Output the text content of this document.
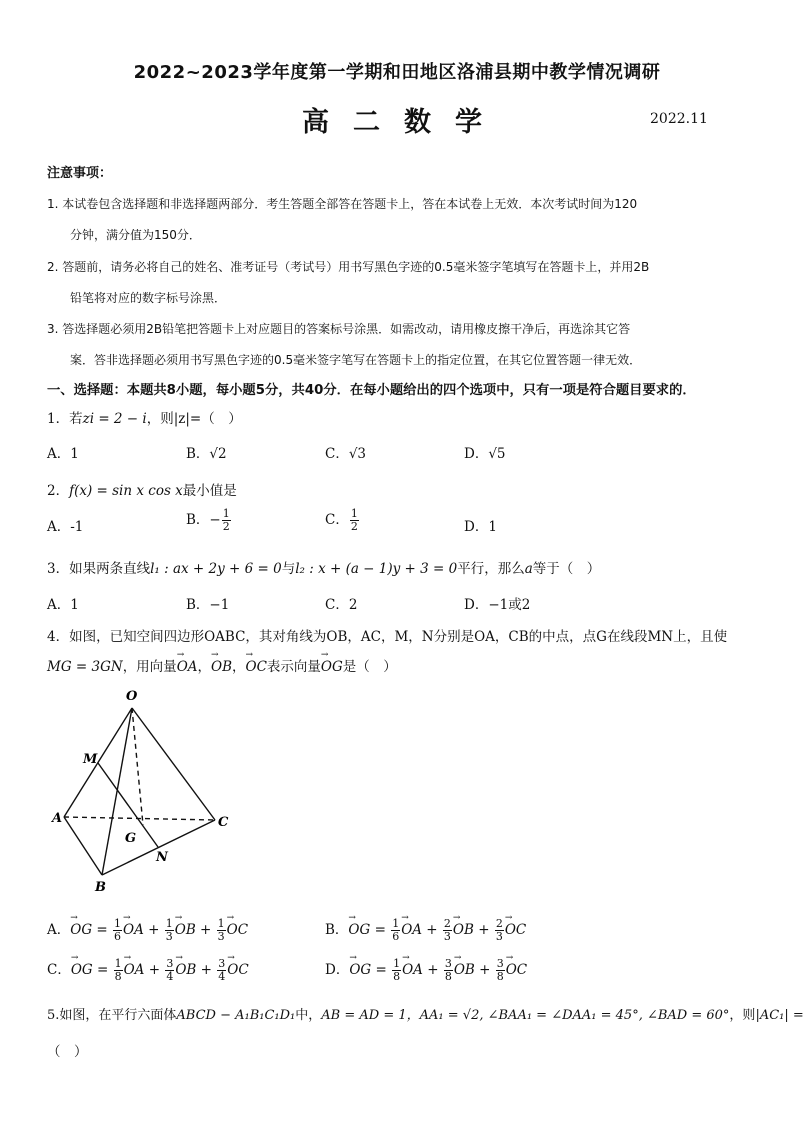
2022~2023学年度第一学期和田地区洛浦县期中教学情况调研
高二数学	2022.11
注意事项：
1. 本试卷包含选择题和非选择题两部分．考生答题全部答在答题卡上，答在本试卷上无效．本次考试时间为120
分钟，满分值为150分．
2. 答题前，请务必将自己的姓名、准考证号（考试号）用书写黑色字迹的0.5毫米签字笔填写在答题卡上，并用2B
铅笔将对应的数字标号涂黑．
3. 答选择题必须用2B铅笔把答题卡上对应题目的答案标号涂黑．如需改动，请用橡皮擦干净后，再选涂其它答
案．答非选择题必须用书写黑色字迹的0.5毫米签字笔写在答题卡上的指定位置，在其它位置答题一律无效．
一、选择题：本题共8小题，每小题5分，共40分．在每小题给出的四个选项中，只有一项是符合题目要求的．
1．若zi = 2 − i，则|z|=（　）
A．1	B．√2	C．√3	D．√5
2．f(x) = sin x cos x最小值是
A．-1	B．− $\frac{1}{2}$	C． $\frac{1}{2}$	D．1
3．如果两条直线l₁ : ax + 2y + 6 = 0与l₂ : x + (a − 1)y + 3 = 0平行，那么a等于（　）
A．1	B．−1	C．2	D．−1或2
4．如图，已知空间四边形OABC，其对角线为OB，AC，M，N分别是OA，CB的中点，点G在线段MN上，且使
MG = 3GN，用向量→ OA，→ OB，→ OC表示向量→ OG是（　）
O
M
A
G
C
N
B
A．→ OG = $\frac{1}{6}$ → OA + $\frac{1}{3}$ → OB + $\frac{1}{3}$ → OC	B．→ OG = $\frac{1}{6}$ → OA + $\frac{2}{3}$ → OB + $\frac{2}{3}$ → OC
C．→ OG = $\frac{1}{8}$ → OA + $\frac{3}{4}$ → OB + $\frac{3}{4}$ → OC	D．→ OG = $\frac{1}{8}$ → OA + $\frac{3}{8}$ → OB + $\frac{3}{8}$ → OC
5.如图，在平行六面体ABCD − A₁B₁C₁D₁中，AB = AD = 1，AA₁ = √2, ∠BAA₁ = ∠DAA₁ = 45°, ∠BAD = 60°，则|AC₁| =
（　）
